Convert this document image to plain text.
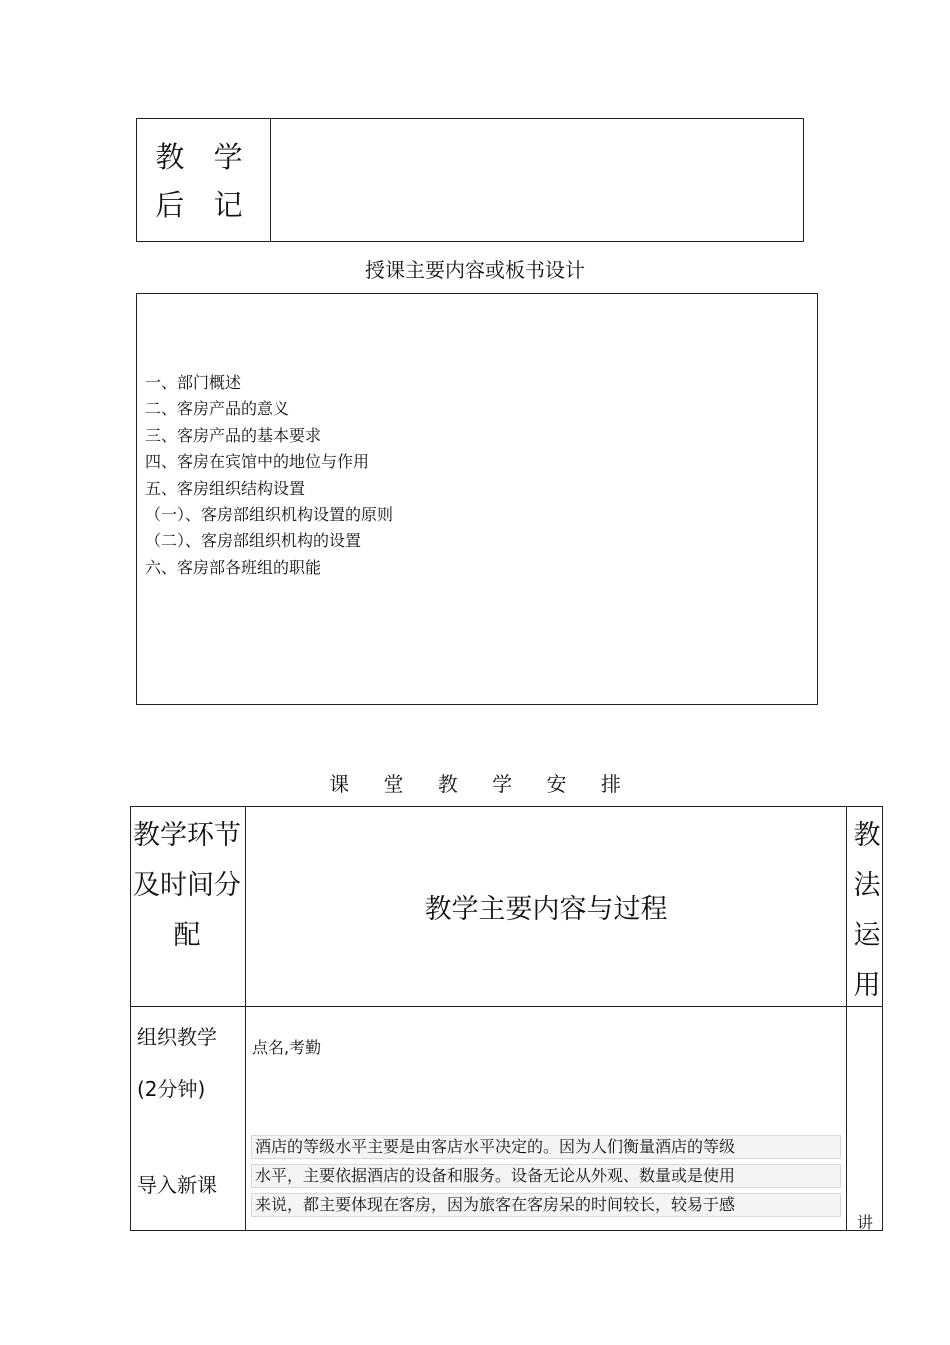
教 学 后 记
授课主要内容或板书设计
一、部门概述
二、客房产品的意义
三、客房产品的基本要求
四、客房在宾馆中的地位与作用
五、客房组织结构设置
（一）、客房部组织机构设置的原则
（二）、客房部组织机构的设置
六、客房部各班组的职能
课 堂 教 学 安 排
教学环节及时间分配
教学主要内容与过程
教法运用
组织教学
(2分钟)
点名,考勤
导入新课
酒店的等级水平主要是由客店水平决定的。因为人们衡量酒店的等级
水平，主要依据酒店的设备和服务。设备无论从外观、数量或是使用
来说，都主要体现在客房，因为旅客在客房呆的时间较长，较易于感
讲
